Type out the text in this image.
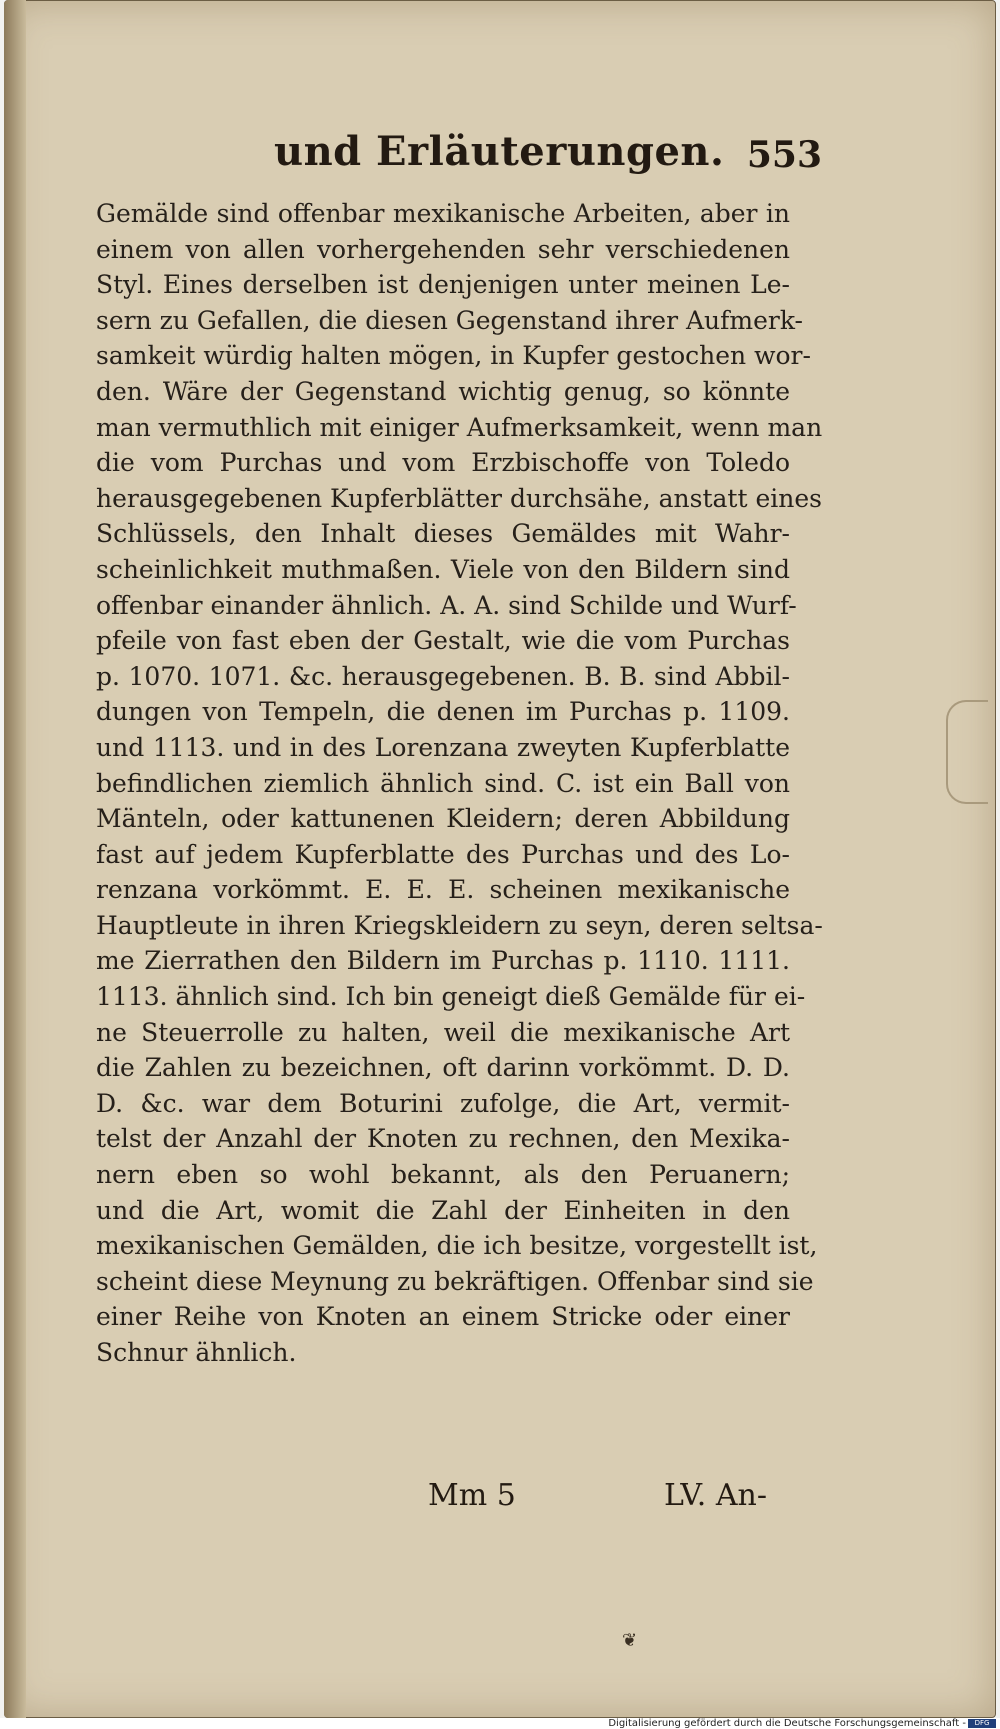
und Erläuterungen. 553
Gemälde sind offenbar mexikanische Arbeiten, aber in
einem von allen vorhergehenden sehr verschiedenen
Styl. Eines derselben ist denjenigen unter meinen Le-
sern zu Gefallen, die diesen Gegenstand ihrer Aufmerk-
samkeit würdig halten mögen, in Kupfer gestochen wor-
den. Wäre der Gegenstand wichtig genug, so könnte
man vermuthlich mit einiger Aufmerksamkeit, wenn man
die vom Purchas und vom Erzbischoffe von Toledo
herausgegebenen Kupferblätter durchsähe, anstatt eines
Schlüssels, den Inhalt dieses Gemäldes mit Wahr-
scheinlichkeit muthmaßen. Viele von den Bildern sind
offenbar einander ähnlich. A. A. sind Schilde und Wurf-
pfeile von fast eben der Gestalt, wie die vom Purchas
p. 1070. 1071. &c. herausgegebenen. B. B. sind Abbil-
dungen von Tempeln, die denen im Purchas p. 1109.
und 1113. und in des Lorenzana zweyten Kupferblatte
befindlichen ziemlich ähnlich sind. C. ist ein Ball von
Mänteln, oder kattunenen Kleidern; deren Abbildung
fast auf jedem Kupferblatte des Purchas und des Lo-
renzana vorkömmt. E. E. E. scheinen mexikanische
Hauptleute in ihren Kriegskleidern zu seyn, deren seltsa-
me Zierrathen den Bildern im Purchas p. 1110. 1111.
1113. ähnlich sind. Ich bin geneigt dieß Gemälde für ei-
ne Steuerrolle zu halten, weil die mexikanische Art
die Zahlen zu bezeichnen, oft darinn vorkömmt. D. D.
D. &c. war dem Boturini zufolge, die Art, vermit-
telst der Anzahl der Knoten zu rechnen, den Mexika-
nern eben so wohl bekannt, als den Peruanern;
und die Art, womit die Zahl der Einheiten in den
mexikanischen Gemälden, die ich besitze, vorgestellt ist,
scheint diese Meynung zu bekräftigen. Offenbar sind sie
einer Reihe von Knoten an einem Stricke oder einer
Schnur ähnlich.
Mm 5	LV. An-
❦
Digitalisierung gefördert durch die Deutsche Forschungsgemeinschaft -	DFG
